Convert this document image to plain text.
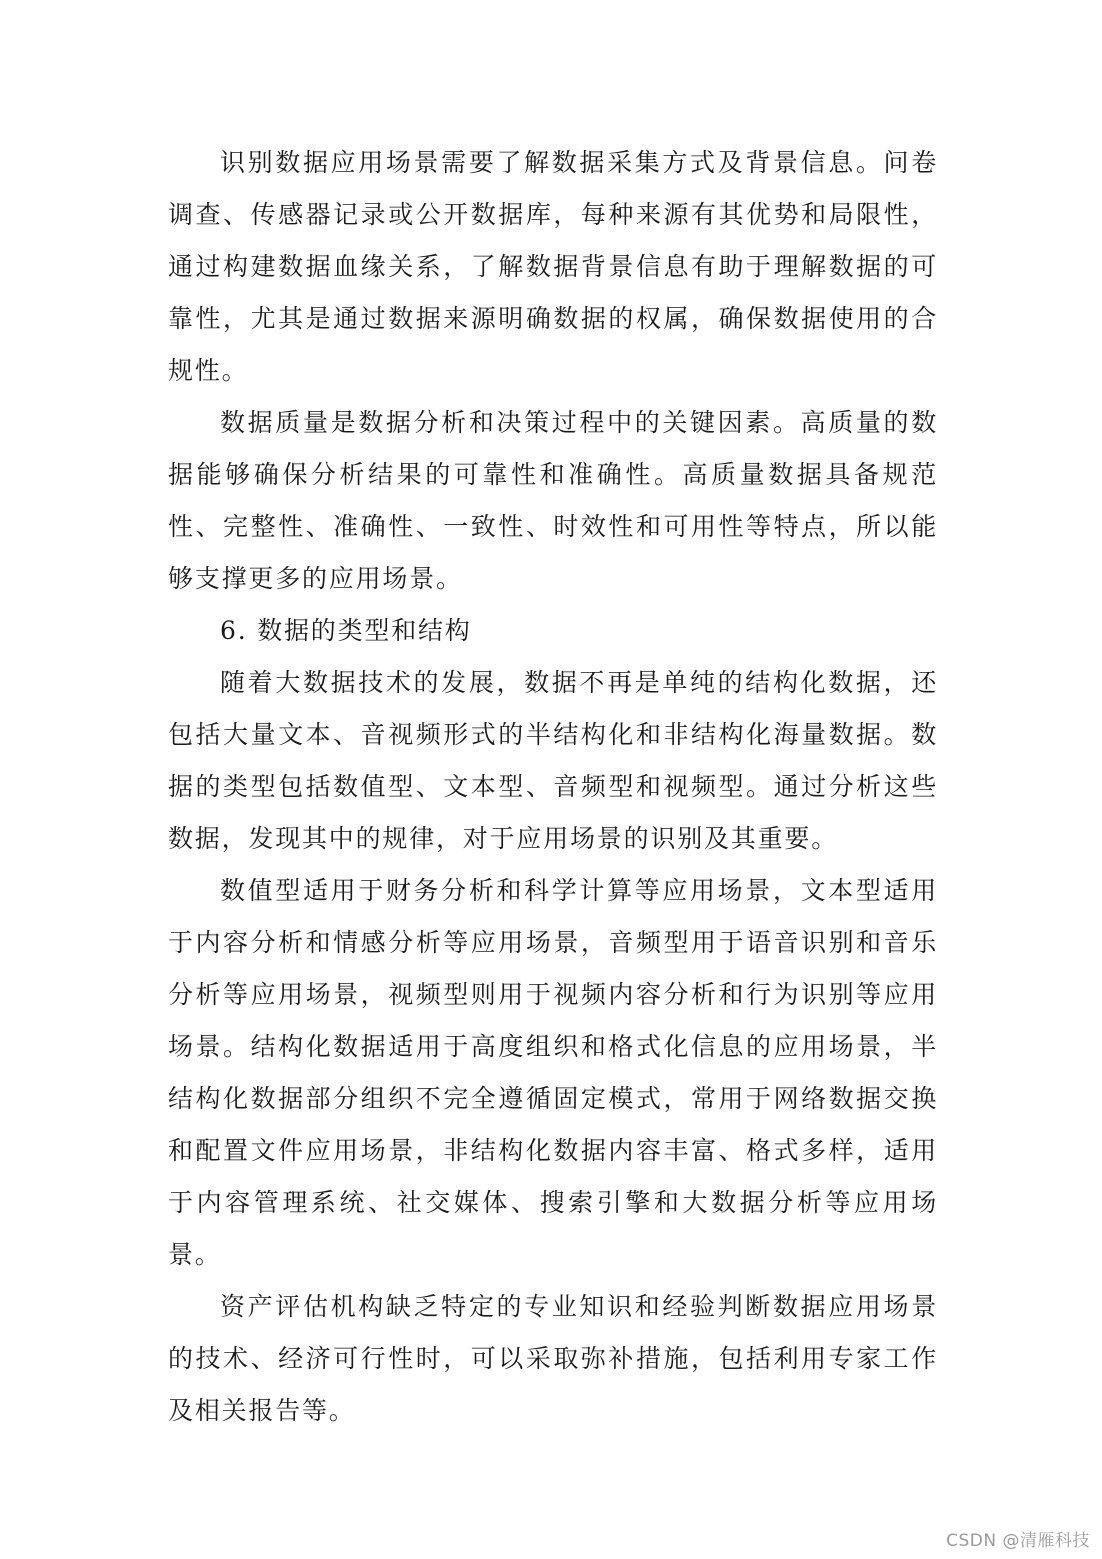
识别数据应用场景需要了解数据采集方式及背景信息。问卷调查、传感器记录或公开数据库，每种来源有其优势和局限性，通过构建数据血缘关系，了解数据背景信息有助于理解数据的可靠性，尤其是通过数据来源明确数据的权属，确保数据使用的合规性。

数据质量是数据分析和决策过程中的关键因素。高质量的数据能够确保分析结果的可靠性和准确性。高质量数据具备规范性、完整性、准确性、一致性、时效性和可用性等特点，所以能够支撑更多的应用场景。

6. 数据的类型和结构

随着大数据技术的发展，数据不再是单纯的结构化数据，还包括大量文本、音视频形式的半结构化和非结构化海量数据。数据的类型包括数值型、文本型、音频型和视频型。通过分析这些数据，发现其中的规律，对于应用场景的识别及其重要。

数值型适用于财务分析和科学计算等应用场景，文本型适用于内容分析和情感分析等应用场景，音频型用于语音识别和音乐分析等应用场景，视频型则用于视频内容分析和行为识别等应用场景。结构化数据适用于高度组织和格式化信息的应用场景，半结构化数据部分组织不完全遵循固定模式，常用于网络数据交换和配置文件应用场景，非结构化数据内容丰富、格式多样，适用于内容管理系统、社交媒体、搜索引擎和大数据分析等应用场景。

资产评估机构缺乏特定的专业知识和经验判断数据应用场景的技术、经济可行性时，可以采取弥补措施，包括利用专家工作及相关报告等。

CSDN @清雁科技
